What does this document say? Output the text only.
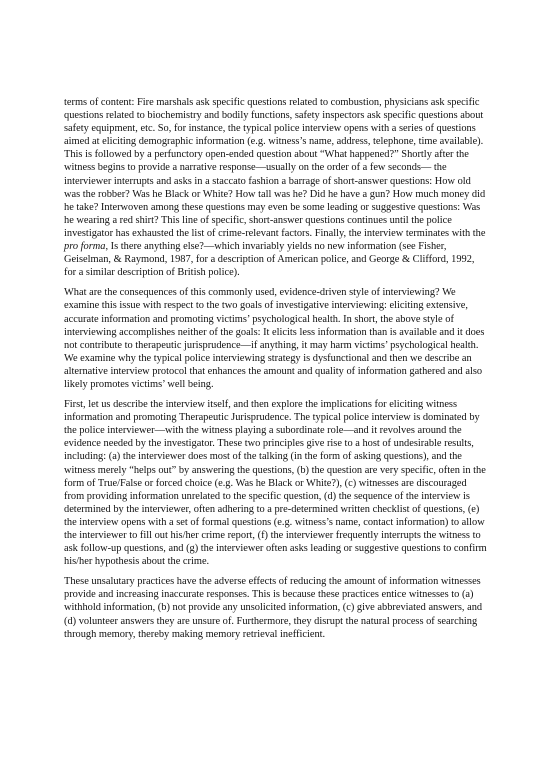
terms of content: Fire marshals ask specific questions related to combustion, physicians ask specific questions related to biochemistry and bodily functions, safety inspectors ask specific questions about safety equipment, etc. So, for instance, the typical police interview opens with a series of questions aimed at eliciting demographic information (e.g. witness’s name, address, telephone, time available). This is followed by a perfunctory open-ended question about “What happened?” Shortly after the witness begins to provide a narrative response—usually on the order of a few seconds— the interviewer interrupts and asks in a staccato fashion a barrage of short-answer questions: How old was the robber? Was he Black or White? How tall was he? Did he have a gun? How much money did he take? Interwoven among these questions may even be some leading or suggestive questions: Was he wearing a red shirt? This line of specific, short-answer questions continues until the police investigator has exhausted the list of crime-relevant factors. Finally, the interview terminates with the pro forma, Is there anything else?—which invariably yields no new information (see Fisher, Geiselman, & Raymond, 1987, for a description of American police, and George & Clifford, 1992, for a similar description of British police).

What are the consequences of this commonly used, evidence-driven style of interviewing? We examine this issue with respect to the two goals of investigative interviewing: eliciting extensive, accurate information and promoting victims’ psychological health. In short, the above style of interviewing accomplishes neither of the goals: It elicits less information than is available and it does not contribute to therapeutic jurisprudence—if anything, it may harm victims’ psychological health. We examine why the typical police interviewing strategy is dysfunctional and then we describe an alternative interview protocol that enhances the amount and quality of information gathered and also likely promotes victims’ well being.

First, let us describe the interview itself, and then explore the implications for eliciting witness information and promoting Therapeutic Jurisprudence. The typical police interview is dominated by the police interviewer—with the witness playing a subordinate role—and it revolves around the evidence needed by the investigator. These two principles give rise to a host of undesirable results, including: (a) the interviewer does most of the talking (in the form of asking questions), and the witness merely “helps out” by answering the questions, (b) the question are very specific, often in the form of True/False or forced choice (e.g. Was he Black or White?), (c) witnesses are discouraged from providing information unrelated to the specific question, (d) the sequence of the interview is determined by the interviewer, often adhering to a pre-determined written checklist of questions, (e) the interview opens with a set of formal questions (e.g. witness’s name, contact information) to allow the interviewer to fill out his/her crime report, (f) the interviewer frequently interrupts the witness to ask follow-up questions, and (g) the interviewer often asks leading or suggestive questions to confirm his/her hypothesis about the crime.

These unsalutary practices have the adverse effects of reducing the amount of information witnesses provide and increasing inaccurate responses. This is because these practices entice witnesses to (a) withhold information, (b) not provide any unsolicited information, (c) give abbreviated answers, and (d) volunteer answers they are unsure of. Furthermore, they disrupt the natural process of searching through memory, thereby making memory retrieval inefficient.
